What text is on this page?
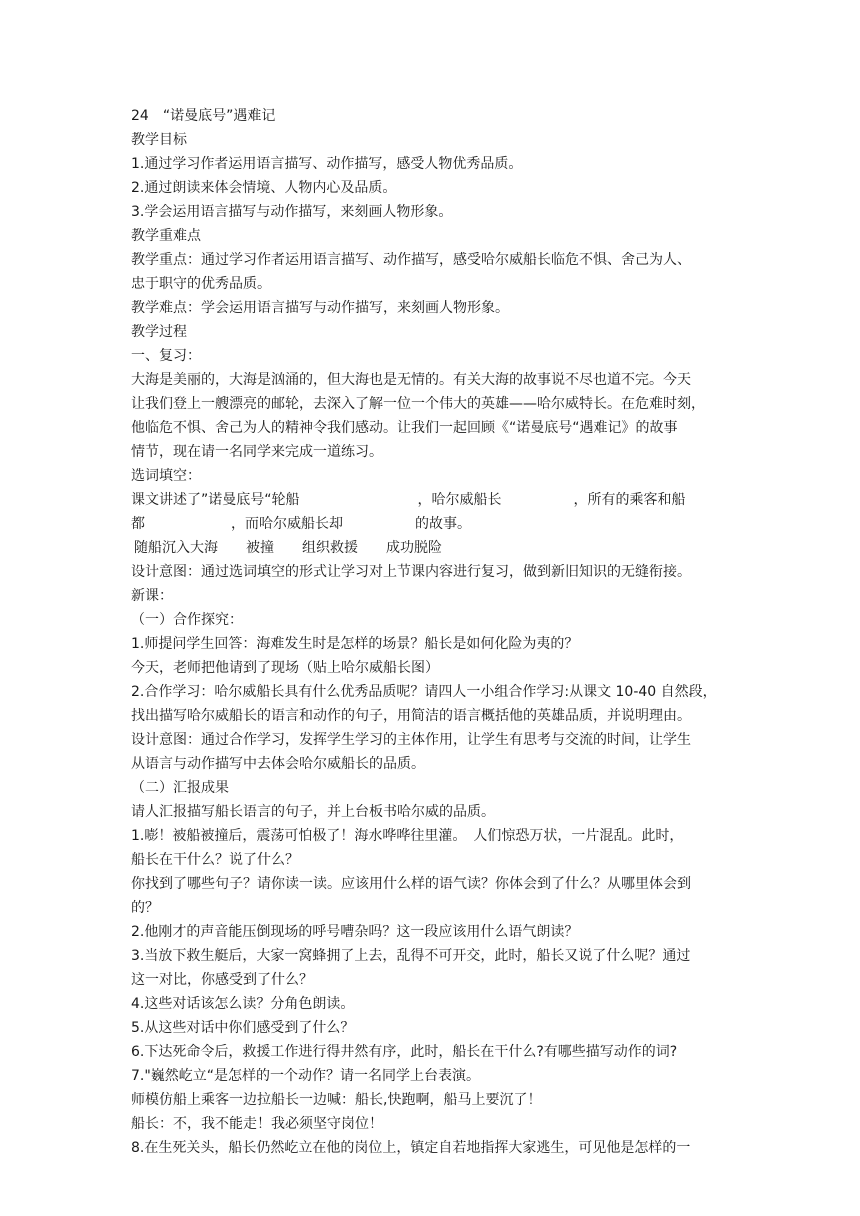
24　“诺曼底号”遇难记
教学目标
1.通过学习作者运用语言描写、动作描写，感受人物优秀品质。
2.通过朗读来体会情境、人物内心及品质。
3.学会运用语言描写与动作描写，来刻画人物形象。
教学重难点
教学重点：通过学习作者运用语言描写、动作描写，感受哈尔威船长临危不惧、舍己为人、
忠于职守的优秀品质。
教学难点：学会运用语言描写与动作描写，来刻画人物形象。
教学过程
一、复习：
大海是美丽的，大海是汹涌的，但大海也是无情的。有关大海的故事说不尽也道不完。今天
让我们登上一艘漂亮的邮轮，去深入了解一位一个伟大的英雄——哈尔威特长。在危难时刻，
他临危不惧、舍己为人的精神令我们感动。让我们一起回顾《“诺曼底号“遇难记》的故事
情节，现在请一名同学来完成一道练习。
选词填空：
课文讲述了”诺曼底号“轮船	，哈尔威船长	，所有的乘客和船
都	，而哈尔威船长却	的故事。
随船沉入大海 被撞 组织救援 成功脱险
设计意图：通过选词填空的形式让学习对上节课内容进行复习，做到新旧知识的无缝衔接。
新课：
（一）合作探究：
1.师提问学生回答：海难发生时是怎样的场景？船长是如何化险为夷的？
今天，老师把他请到了现场（贴上哈尔威船长图）
2.合作学习：哈尔威船长具有什么优秀品质呢？请四人一小组合作学习:从课文 10-40 自然段，
找出描写哈尔威船长的语言和动作的句子，用简洁的语言概括他的英雄品质，并说明理由。
设计意图：通过合作学习，发挥学生学习的主体作用，让学生有思考与交流的时间，让学生
从语言与动作描写中去体会哈尔威船长的品质。
（二）汇报成果
请人汇报描写船长语言的句子，并上台板书哈尔威的品质。
1.嘭！被船被撞后，震荡可怕极了！海水哗哗往里灌。　人们惊恐万状，一片混乱。此时，
船长在干什么？说了什么？
你找到了哪些句子？请你读一读。应该用什么样的语气读？你体会到了什么？从哪里体会到
的？
2.他刚才的声音能压倒现场的呼号嘈杂吗？这一段应该用什么语气朗读？
3.当放下救生艇后，大家一窝蜂拥了上去，乱得不可开交，此时，船长又说了什么呢？通过
这一对比，你感受到了什么？
4.这些对话该怎么读？分角色朗读。
5.从这些对话中你们感受到了什么？
6.下达死命令后，救援工作进行得井然有序，此时，船长在干什么?有哪些描写动作的词?
7."巍然屹立“是怎样的一个动作？请一名同学上台表演。
师模仿船上乘客一边拉船长一边喊：船长,快跑啊，船马上要沉了！
船长：不，我不能走！我必须坚守岗位！
8.在生死关头，船长仍然屹立在他的岗位上，镇定自若地指挥大家逃生，可见他是怎样的一
